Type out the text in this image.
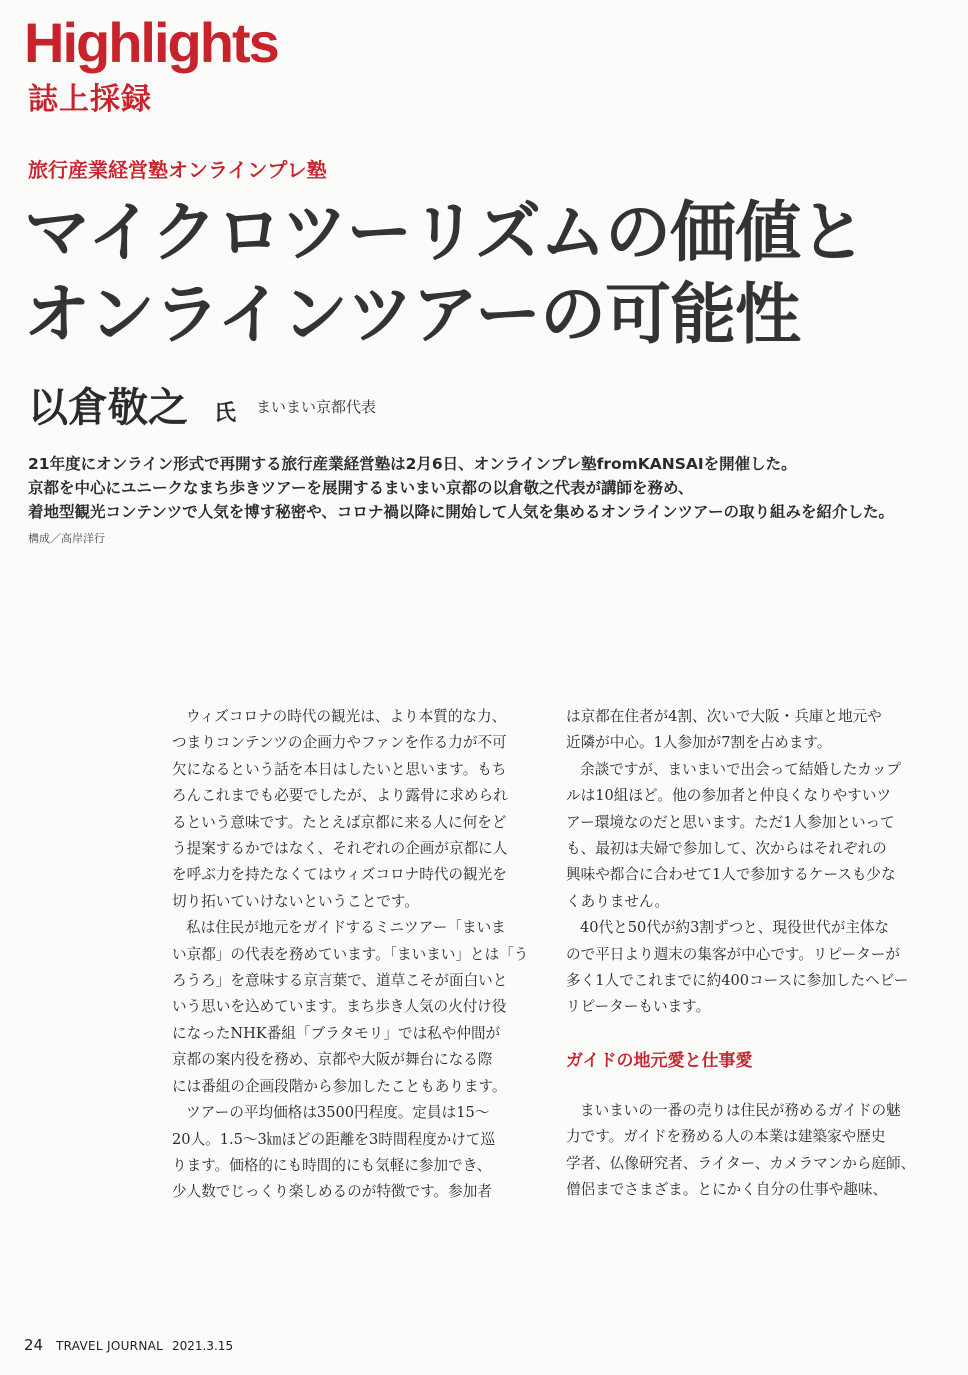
Highlights
誌上採録
旅行産業経営塾オンラインプレ塾
マイクロツーリズムの価値と
オンラインツアーの可能性
以倉敬之 氏 まいまい京都代表

21年度にオンライン形式で再開する旅行産業経営塾は2月6日、オンラインプレ塾fromKANSAIを開催した。
京都を中心にユニークなまち歩きツアーを展開するまいまい京都の以倉敬之代表が講師を務め、
着地型観光コンテンツで人気を博す秘密や、コロナ禍以降に開始して人気を集めるオンラインツアーの取り組みを紹介した。

構成／高岸洋行
ウィズコロナの時代の観光は、より本質的な力、
つまりコンテンツの企画力やファンを作る力が不可
欠になるという話を本日はしたいと思います。もち
ろんこれまでも必要でしたが、より露骨に求められ
るという意味です。たとえば京都に来る人に何をど
う提案するかではなく、それぞれの企画が京都に人
を呼ぶ力を持たなくてはウィズコロナ時代の観光を
切り拓いていけないということです。
私は住民が地元をガイドするミニツアー「まいま
い京都」の代表を務めています。「まいまい」とは「う
ろうろ」を意味する京言葉で、道草こそが面白いと
いう思いを込めています。まち歩き人気の火付け役
になったNHK番組「ブラタモリ」では私や仲間が
京都の案内役を務め、京都や大阪が舞台になる際
には番組の企画段階から参加したこともあります。
ツアーの平均価格は3500円程度。定員は15～
20人。1.5～3㎞ほどの距離を3時間程度かけて巡
ります。価格的にも時間的にも気軽に参加でき、
少人数でじっくり楽しめるのが特徴です。参加者
は京都在住者が4割、次いで大阪・兵庫と地元や
近隣が中心。1人参加が7割を占めます。
余談ですが、まいまいで出会って結婚したカップ
ルは10組ほど。他の参加者と仲良くなりやすいツ
アー環境なのだと思います。ただ1人参加といって
も、最初は夫婦で参加して、次からはそれぞれの
興味や都合に合わせて1人で参加するケースも少な
くありません。
40代と50代が約3割ずつと、現役世代が主体な
ので平日より週末の集客が中心です。リピーターが
多く1人でこれまでに約400コースに参加したヘビー
リピーターもいます。
ガイドの地元愛と仕事愛
まいまいの一番の売りは住民が務めるガイドの魅
力です。ガイドを務める人の本業は建築家や歴史
学者、仏像研究者、ライター、カメラマンから庭師、
僧侶までさまざま。とにかく自分の仕事や趣味、
24 TRAVEL JOURNAL 2021.3.15
